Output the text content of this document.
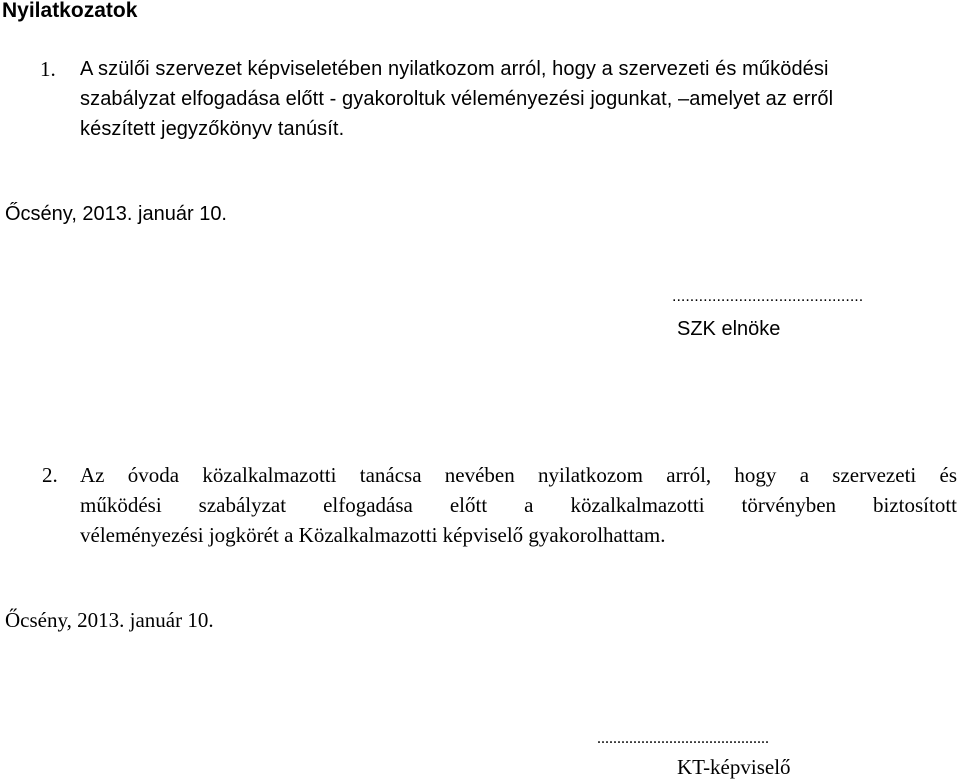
Nyilatkozatok
1. A szülői szervezet képviseletében nyilatkozom arról, hogy a szervezeti és működési
szabályzat elfogadása előtt - gyakoroltuk véleményezési jogunkat, –amelyet az erről
készített jegyzőkönyv tanúsít.
Őcsény, 2013. január 10.
...........................................
SZK elnöke
2. Az óvoda közalkalmazotti tanácsa nevében nyilatkozom arról, hogy a szervezeti és
működési szabályzat elfogadása előtt a közalkalmazotti törvényben biztosított
véleményezési jogkörét a Közalkalmazotti képviselő gyakorolhattam.
Őcsény, 2013. január 10.
...........................................
KT-képviselő
